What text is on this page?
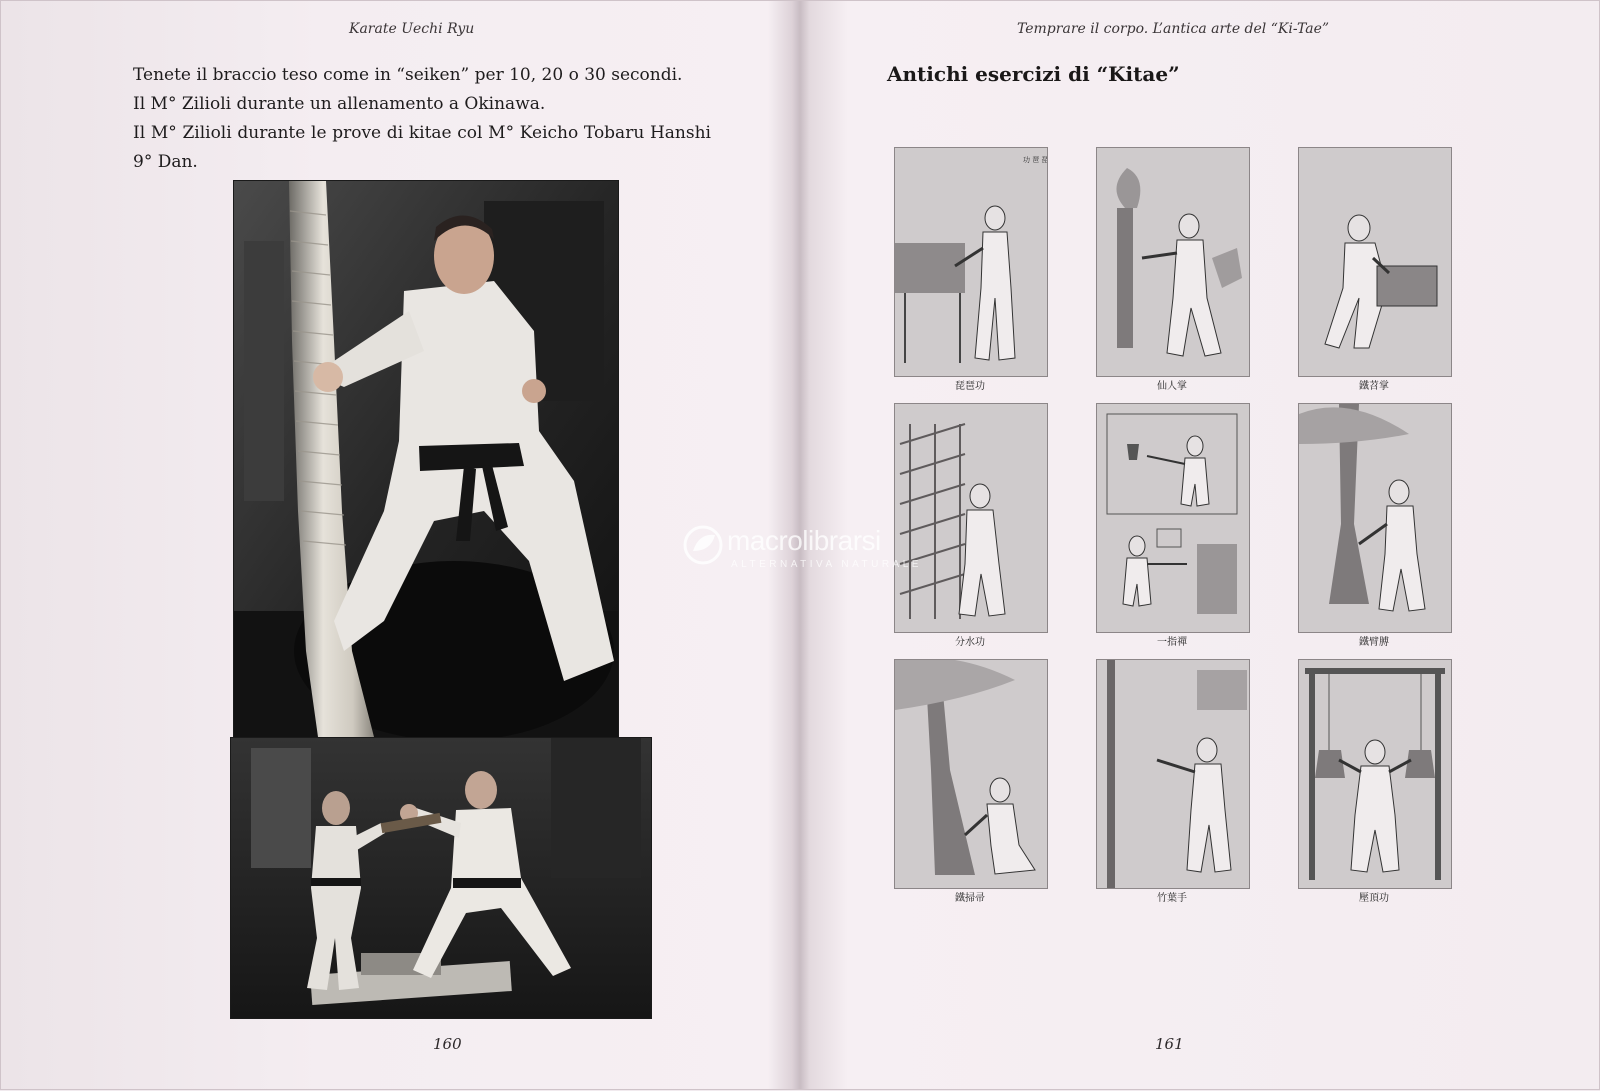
Karate Uechi Ryu

Tenete il braccio teso come in “seiken” per 10, 20 o 30 secondi.

Il M° Zilioli durante un allenamento a Okinawa.

Il M° Zilioli durante le prove di kitae col M° Keicho Tobaru Hanshi 9° Dan.

160
Temprare il corpo. L’antica arte del “Ki-Tae”
Antichi esercizi di “Kitae”
功 琶 琵
琵琶功	仙人掌	鐵苕掌
分水功	一指禪	鐵臂膊
鐵掃帚	竹葉手	壓頂功
161
macrolibrarsi
ALTERNATIVA NATURALE
